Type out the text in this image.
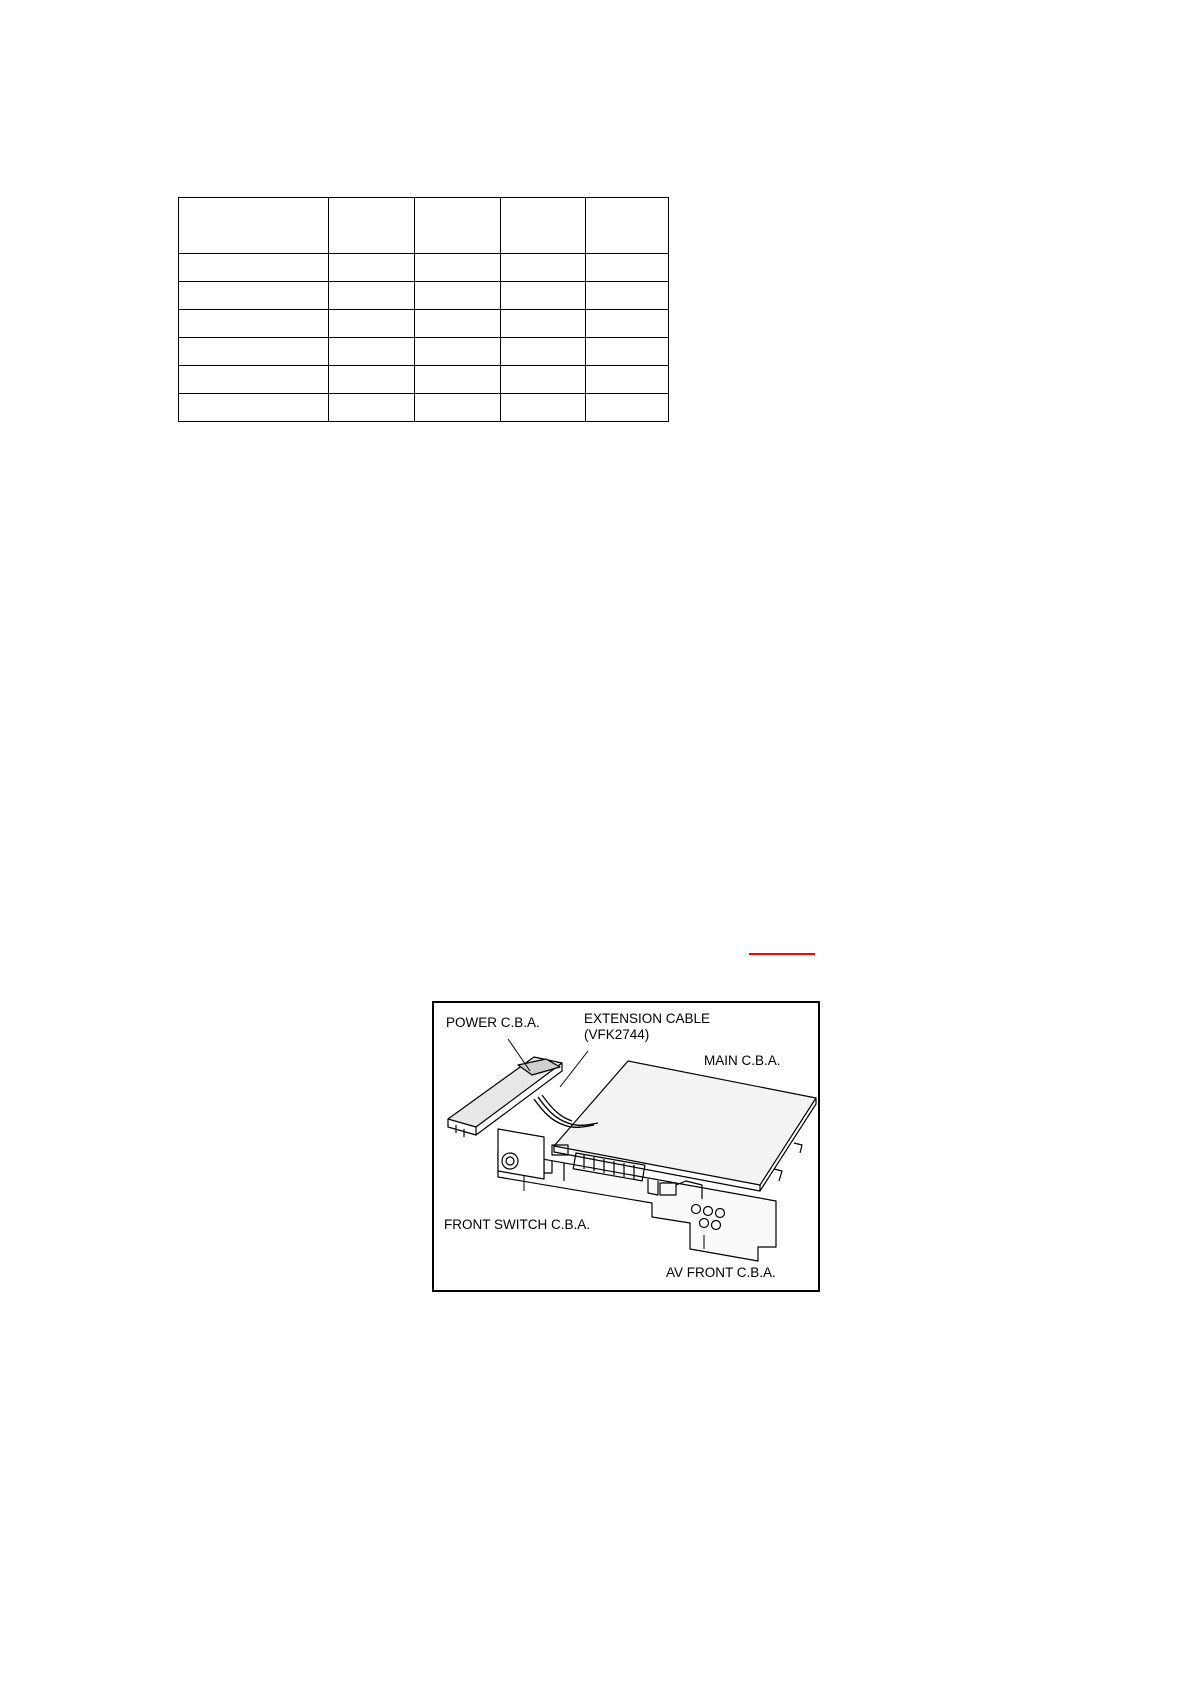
POWER C.B.A.	EXTENSION CABLE
(VFK2744)
MAIN C.B.A.
FRONT SWITCH C.B.A.
AV FRONT C.B.A.
